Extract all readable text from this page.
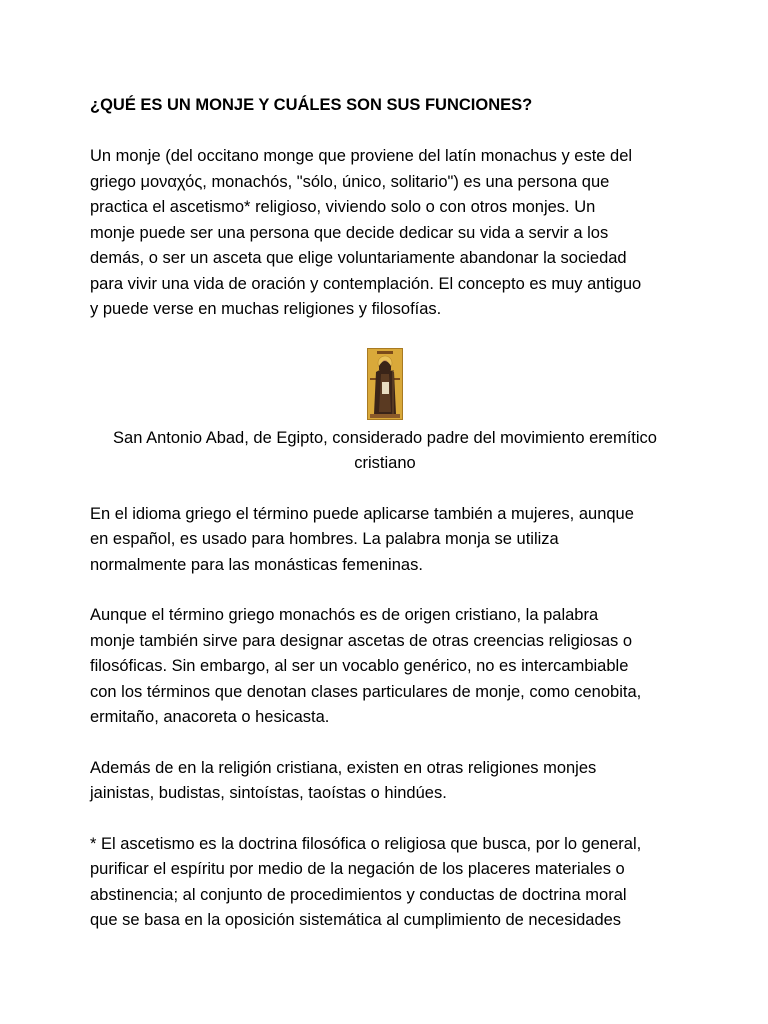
¿QUÉ ES UN MONJE Y CUÁLES SON SUS FUNCIONES?
Un monje (del occitano monge que proviene del latín monachus y este del
griego μοναχός, monachós, "sólo, único, solitario") es una persona que
practica el ascetismo* religioso, viviendo solo o con otros monjes. Un
monje puede ser una persona que decide dedicar su vida a servir a los
demás, o ser un asceta que elige voluntariamente abandonar la sociedad
para vivir una vida de oración y contemplación. El concepto es muy antiguo
y puede verse en muchas religiones y filosofías.
San Antonio Abad, de Egipto, considerado padre del movimiento eremítico
cristiano
En el idioma griego el término puede aplicarse también a mujeres, aunque
en español, es usado para hombres. La palabra monja se utiliza
normalmente para las monásticas femeninas.
Aunque el término griego monachós es de origen cristiano, la palabra
monje también sirve para designar ascetas de otras creencias religiosas o
filosóficas. Sin embargo, al ser un vocablo genérico, no es intercambiable
con los términos que denotan clases particulares de monje, como cenobita,
ermitaño, anacoreta o hesicasta.
Además de en la religión cristiana, existen en otras religiones monjes
jainistas, budistas, sintoístas, taoístas o hindúes.
* El ascetismo es la doctrina filosófica o religiosa que busca, por lo general,
purificar el espíritu por medio de la negación de los placeres materiales o
abstinencia; al conjunto de procedimientos y conductas de doctrina moral
que se basa en la oposición sistemática al cumplimiento de necesidades
